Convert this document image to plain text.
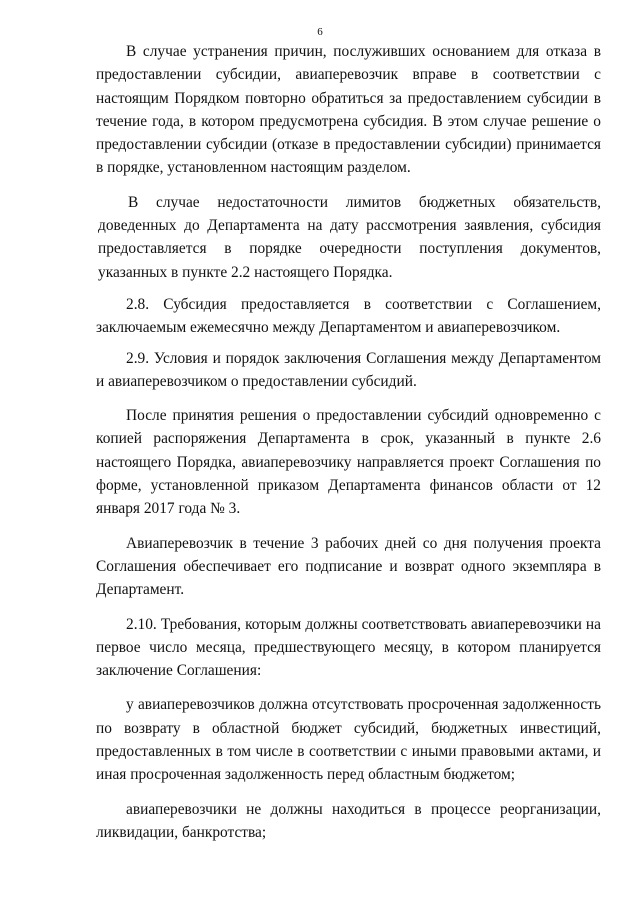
6

В случае устранения причин, послуживших основанием для отказа в предоставлении субсидии, авиаперевозчик вправе в соответствии с настоящим Порядком повторно обратиться за предоставлением субсидии в течение года, в котором предусмотрена субсидия. В этом случае решение о предоставлении субсидии (отказе в предоставлении субсидии) принимается в порядке, установленном настоящим разделом.

В случае недостаточности лимитов бюджетных обязательств, доведенных до Департамента на дату рассмотрения заявления, субсидия предоставляется в порядке очередности поступления документов, указанных в пункте 2.2 настоящего Порядка.

2.8. Субсидия предоставляется в соответствии с Соглашением, заключаемым ежемесячно между Департаментом и авиаперевозчиком.

2.9. Условия и порядок заключения Соглашения между Департаментом и авиаперевозчиком о предоставлении субсидий.

После принятия решения о предоставлении субсидий одновременно с копией распоряжения Департамента в срок, указанный в пункте 2.6 настоящего Порядка, авиаперевозчику направляется проект Соглашения по форме, установленной приказом Департамента финансов области от 12 января 2017 года № 3.

Авиаперевозчик в течение 3 рабочих дней со дня получения проекта Соглашения обеспечивает его подписание и возврат одного экземпляра в Департамент.

2.10. Требования, которым должны соответствовать авиаперевозчики на первое число месяца, предшествующего месяцу, в котором планируется заключение Соглашения:

у авиаперевозчиков должна отсутствовать просроченная задолженность по возврату в областной бюджет субсидий, бюджетных инвестиций, предоставленных в том числе в соответствии с иными правовыми актами, и иная просроченная задолженность перед областным бюджетом;

авиаперевозчики не должны находиться в процессе реорганизации, ликвидации, банкротства;
